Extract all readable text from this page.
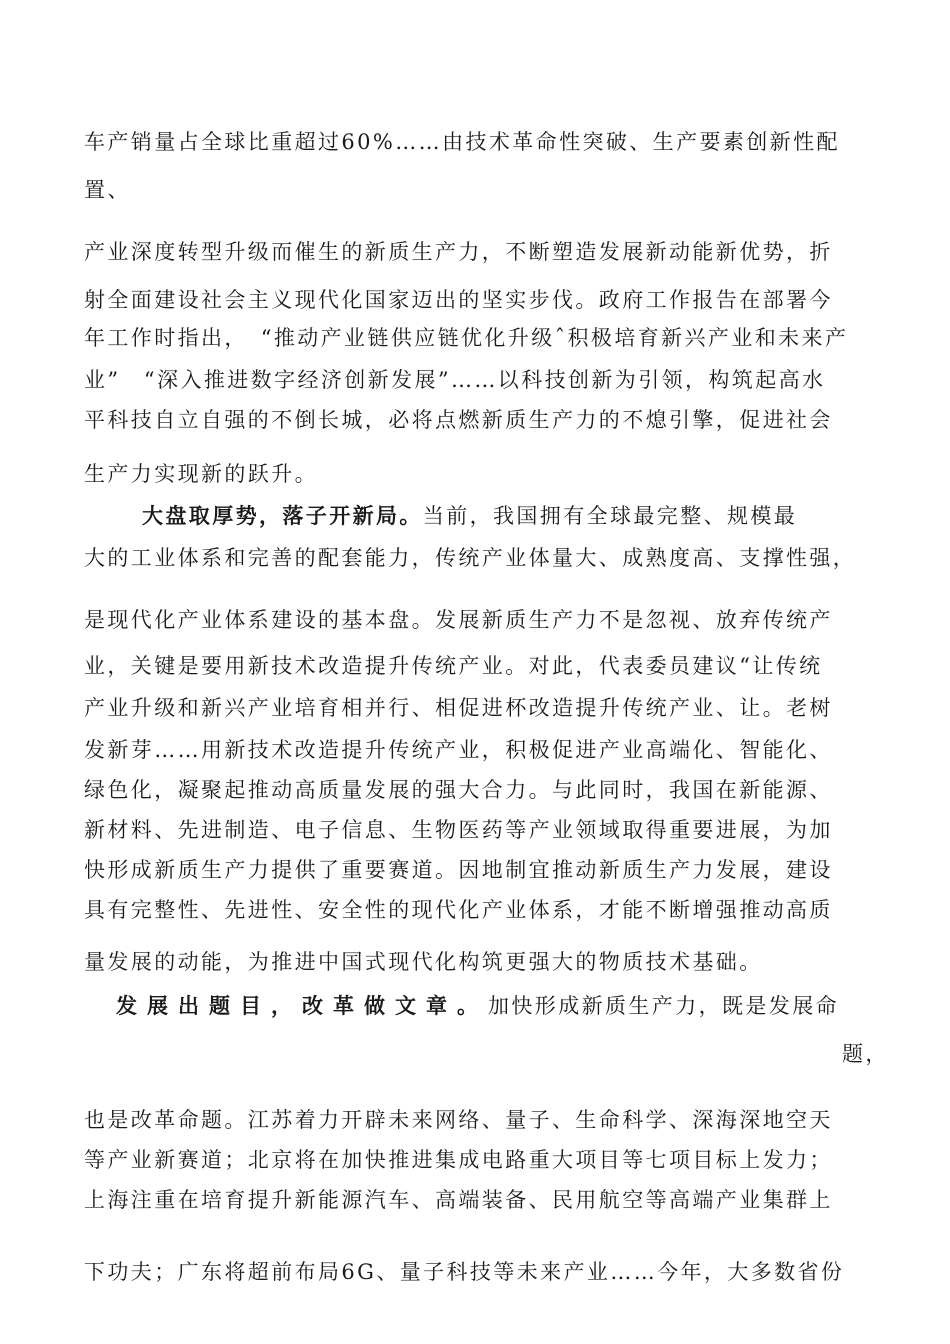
车产销量占全球比重超过60%……由技术革命性突破、生产要素创新性配
置、
产业深度转型升级而催生的新质生产力，不断塑造发展新动能新优势，折
射全面建设社会主义现代化国家迈出的坚实步伐。政府工作报告在部署今
年工作时指出，　“推动产业链供应链优化升级ˆ积极培育新兴产业和未来产
业”　“深入推进数字经济创新发展”……以科技创新为引领，构筑起高水
平科技自立自强的不倒长城，必将点燃新质生产力的不熄引擎，促进社会
生产力实现新的跃升。
大盘取厚势，落子开新局。当前，我国拥有全球最完整、规模最
大的工业体系和完善的配套能力，传统产业体量大、成熟度高、支撑性强，
是现代化产业体系建设的基本盘。发展新质生产力不是忽视、放弃传统产
业，关键是要用新技术改造提升传统产业。对此，代表委员建议“让传统
产业升级和新兴产业培育相并行、相促进杯改造提升传统产业、让。老树
发新芽……用新技术改造提升传统产业，积极促进产业高端化、智能化、
绿色化，凝聚起推动高质量发展的强大合力。与此同时，我国在新能源、
新材料、先进制造、电子信息、生物医药等产业领域取得重要进展，为加
快形成新质生产力提供了重要赛道。因地制宜推动新质生产力发展，建设
具有完整性、先进性、安全性的现代化产业体系，才能不断增强推动高质
量发展的动能，为推进中国式现代化构筑更强大的物质技术基础。
发展出题目，改革做文章。加快形成新质生产力，既是发展命
题，
也是改革命题。江苏着力开辟未来网络、量子、生命科学、深海深地空天
等产业新赛道；北京将在加快推进集成电路重大项目等七项目标上发力；
上海注重在培育提升新能源汽车、高端装备、民用航空等高端产业集群上
下功夫；广东将超前布局6G、量子科技等未来产业……今年，大多数省份
